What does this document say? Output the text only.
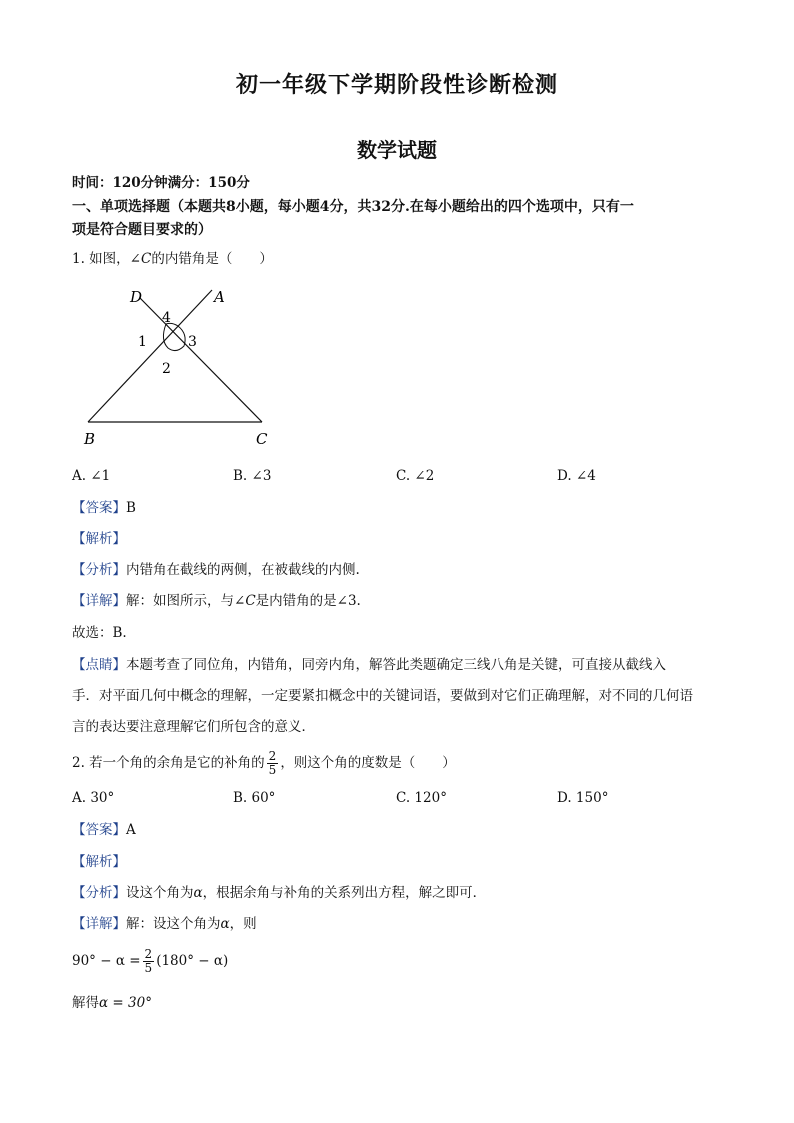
初一年级下学期阶段性诊断检测
数学试题
时间：120分钟满分：150分
一、单项选择题（本题共8小题，每小题4分，共32分.在每小题给出的四个选项中，只有一
项是符合题目要求的）
1. 如图，∠C的内错角是（　　）
D	A
B	C
4
1	3
2
A. ∠1	B. ∠3	C. ∠2	D. ∠4
【答案】B
【解析】
【分析】内错角在截线的两侧，在被截线的内侧.
【详解】解：如图所示，与∠C是内错角的是∠3.
故选：B.
【点睛】本题考查了同位角，内错角，同旁内角，解答此类题确定三线八角是关键，可直接从截线入
手．对平面几何中概念的理解，一定要紧扣概念中的关键词语，要做到对它们正确理解，对不同的几何语
言的表达要注意理解它们所包含的意义．
2. 若一个角的余角是它的补角的 $\frac{2}{5}$ ，则这个角的度数是（　　）
A. 30°	B. 60°	C. 120°	D. 150°
【答案】A
【解析】
【分析】设这个角为α，根据余角与补角的关系列出方程，解之即可．
【详解】解：设这个角为α，则
$90^\circ - \alpha = \frac{2}{5} (180^\circ - \alpha)$
解得α = 30°
